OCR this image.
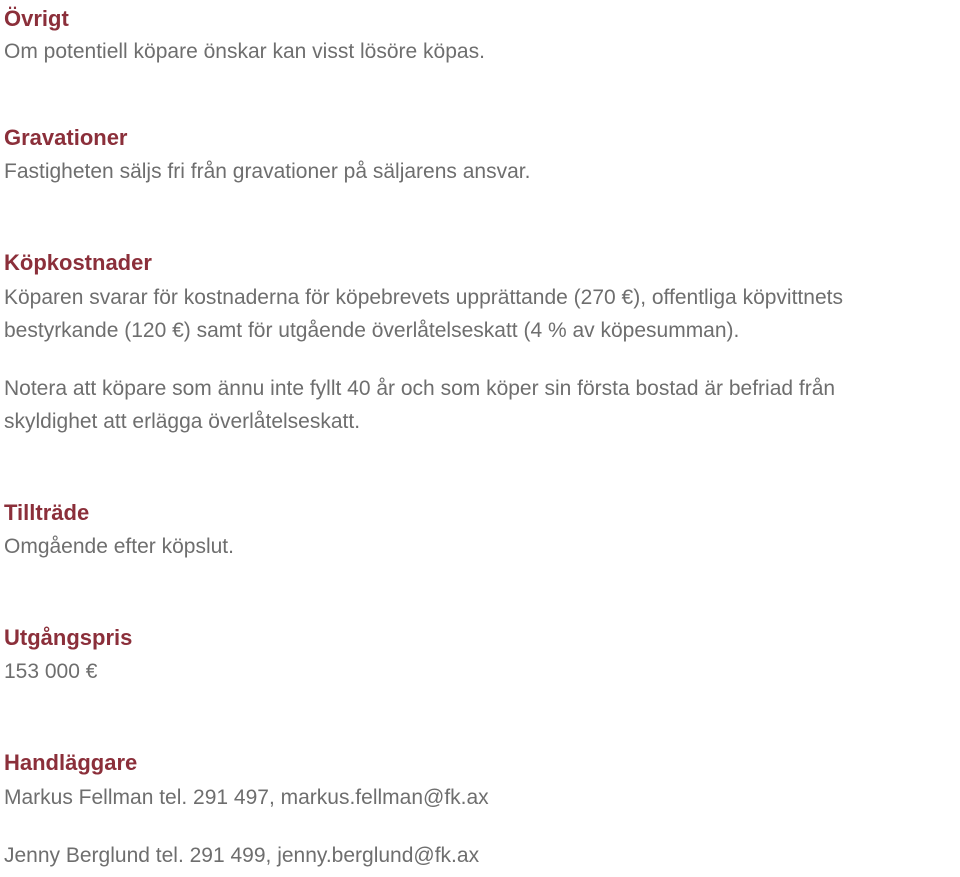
Övrigt
Om potentiell köpare önskar kan visst lösöre köpas.
Gravationer
Fastigheten säljs fri från gravationer på säljarens ansvar.
Köpkostnader
Köparen svarar för kostnaderna för köpebrevets upprättande (270 €), offentliga köpvittnets
bestyrkande (120 €) samt för utgående överlåtelseskatt (4 % av köpesumman).
Notera att köpare som ännu inte fyllt 40 år och som köper sin första bostad är befriad från
skyldighet att erlägga överlåtelseskatt.
Tillträde
Omgående efter köpslut.
Utgångspris
153 000 €
Handläggare
Markus Fellman tel. 291 497, markus.fellman@fk.ax
Jenny Berglund tel. 291 499, jenny.berglund@fk.ax
